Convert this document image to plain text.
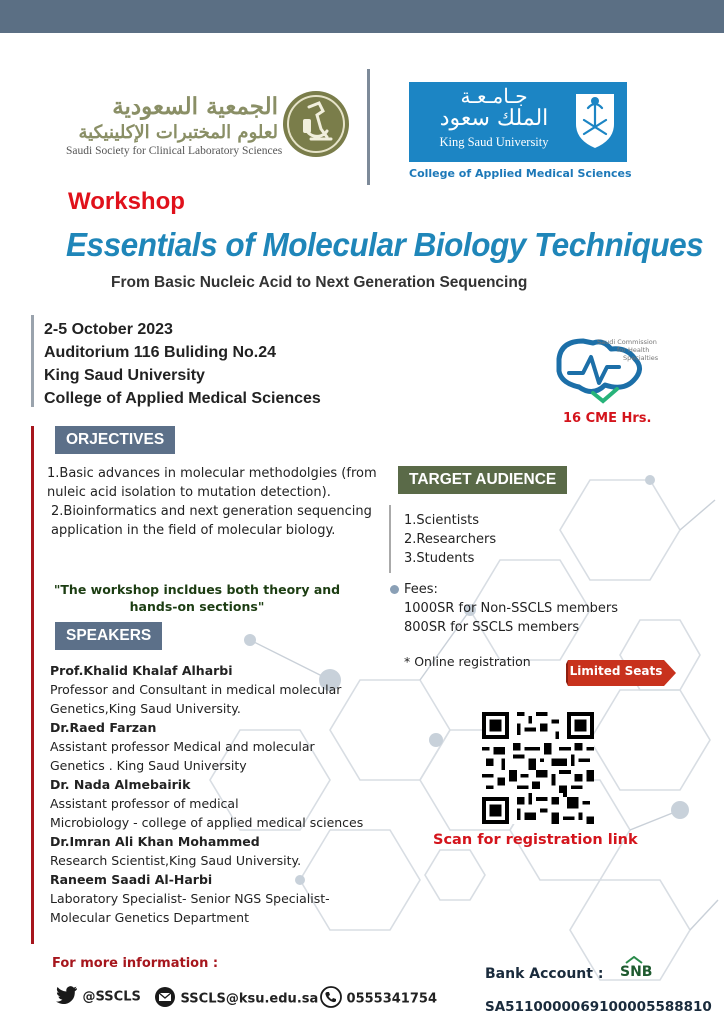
الجمعية السعودية
لعلوم المختبرات الإكلينيكية
Saudi Society for Clinical Laboratory Sciences
جـامـعـة
الملك سعود
King Saud University
College of Applied Medical Sciences
Workshop
Essentials of Molecular Biology Techniques
From Basic Nucleic Acid to Next Generation Sequencing
2-5 October 2023
Auditorium 116 Buliding No.24
King Saud University
College of Applied Medical Sciences
Saudi Commission
for Health
Specialties
16 CME Hrs.
ORJECTIVES
1.Basic advances in molecular methodolgies (from nuleic acid isolation to mutation detection).
2.Bioinformatics and next generation sequencing application in the field of molecular biology.
"The workshop incldues both theory and
hands-on sections"
SPEAKERS
Prof.Khalid Khalaf Alharbi
Professor and Consultant in medical molecular
Genetics,King Saud University.
Dr.Raed Farzan
Assistant professor Medical and molecular
Genetics . King Saud University
Dr. Nada Almebairik
Assistant professor of medical
Microbiology - college of applied medical sciences
Dr.Imran Ali Khan Mohammed
Research Scientist,King Saud University.
Raneem Saadi Al-Harbi
Laboratory Specialist- Senior NGS Specialist-
Molecular Genetics Department
TARGET AUDIENCE
1.Scientists
2.Researchers
3.Students
Fees:
1000SR for Non-SSCLS members
800SR for SSCLS members
* Online registration
Limited Seats
Scan for registration link
For more information :
@SSCLS	SSCLS@ksu.edu.sa	0555341754
Bank Account : SNB
SA5110000069100005588810
